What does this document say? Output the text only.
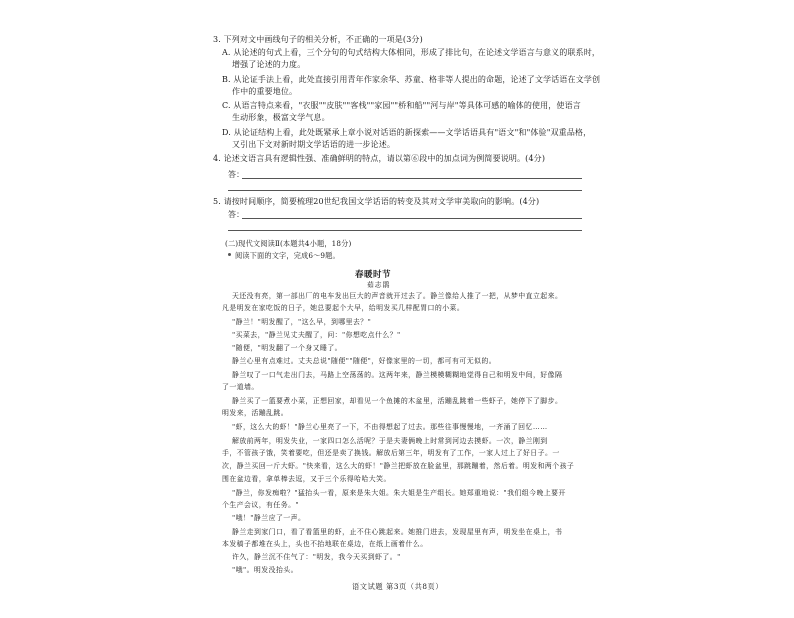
3. 下列对文中画线句子的相关分析，不正确的一项是(3分)
A. 从论述的句式上看，三个分句的句式结构大体相同，形成了排比句，在论述文学语言与意义的联系时，
增强了论述的力度。
B. 从论证手法上看，此处直接引用青年作家余华、苏童、格非等人提出的命题，论述了文学话语在文学创
作中的重要地位。
C. 从语言特点来看，"衣服""皮肤""客栈""家园""桥和船""河与岸"等具体可感的喻体的使用，使语言
生动形象，极富文学气息。
D. 从论证结构上看，此处既紧承上章小说对话语的新探索——文学话语具有"语文"和"体验"双重品格，
又引出下文对新时期文学话语的进一步论述。
4. 论述文语言具有逻辑性强、准确鲜明的特点，请以第⑥段中的加点词为例简要说明。(4分)
答：
5. 请按时间顺序，简要梳理20世纪我国文学话语的转变及其对文学审美取向的影响。(4分)
答：
(二)现代文阅读Ⅱ(本题共4小题，18分)
阅读下面的文字，完成6～9题。
春暖时节
茹志鹃
天还没有亮，第一部出厂的电车发出巨大的声音就开过去了。静兰像给人推了一把，从梦中直立起来。
凡是明发在家吃饭的日子，她总要起个大早，给明发买几样配胃口的小菜。
"静兰！"明发醒了，"这么早，到哪里去？"
"买菜去，"静兰见丈夫醒了，问："你想吃点什么？"
"随便，"明发翻了一个身又睡了。
静兰心里有点难过。丈夫总说"随便""随便"，好像家里的一切，都可有可无似的。
静兰叹了一口气走出门去，马路上空荡荡的。这两年来，静兰模模糊糊地觉得自己和明发中间，好像隔
了一道墙。
静兰买了一篮要煮小菜，正想回家，却看见一个鱼摊的木盆里，活蹦乱跳着一些虾子，她停下了脚步。
明发来，活蹦乱跳。
"虾，这么大的虾！"静兰心里亮了一下，不由得想起了过去。那些往事慢慢地，一齐涌了回忆……
解放前两年，明发失业，一家四口怎么活呢？于是夫妻俩晚上时常到河边去摸虾。一次，静兰刚到
手，不管孩子饿，笑着要吃，但还是卖了换钱。解放后第三年，明发有了工作，一家人过上了好日子。一
次，静兰买回一斤大虾。"快来看，这么大的虾！"静兰把虾放在脸盆里，那跳蹦着，然后着。明发和两个孩子
围在盆边看，拿单棒去逗，又于三个乐得哈哈大笑。
"静兰，你发痴啦？"猛抬头一看，原来是朱大姐。朱大姐是生产组长。她郑重地说："我们组今晚上要开
个生产会议，有任务。"
"哦！"静兰应了一声。
静兰走到家门口，看了看篮里的虾，止不住心跳起来。她推门进去，发现屋里有声，明发坐在桌上，书
本发稿子都堆在头上，头也不抬地联在桌边，在纸上画着什么。
许久，静兰沉不住气了："明发，我今天买到虾了。"
"哦"。明发没抬头。
语文试题 第3页（共8页）
